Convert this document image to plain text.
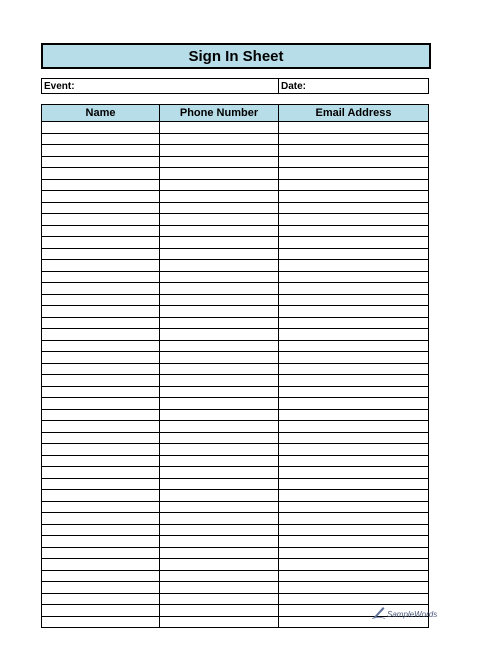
Sign In Sheet
Event:	Date:
Name	Phone Number	Email Address

SampleWords
